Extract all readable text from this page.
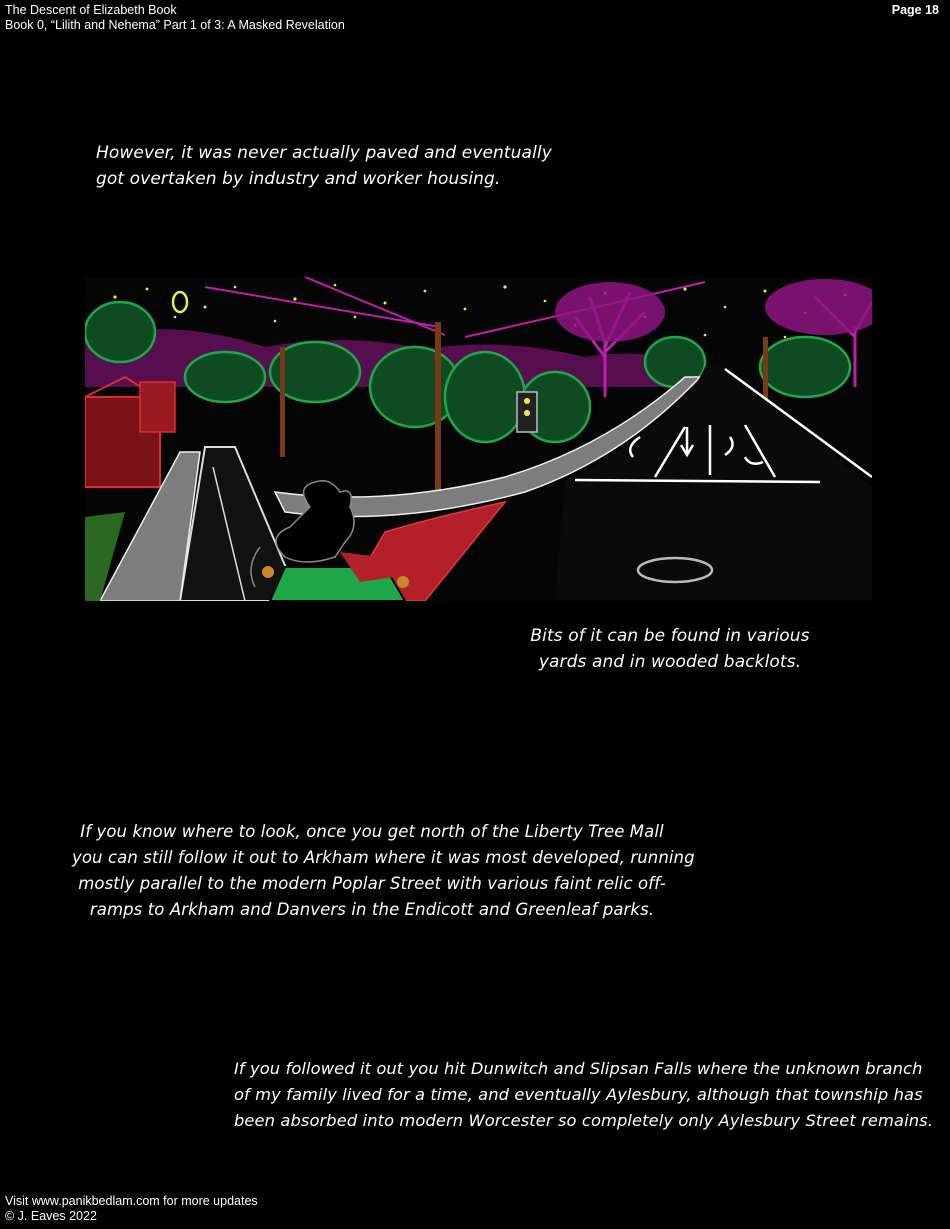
The Descent of Elizabeth Book
Book 0, “Lilith and Nehema” Part 1 of 3: A Masked Revelation
Page 18
However, it was never actually paved and eventually
got overtaken by industry and worker housing.
Bits of it can be found in various
yards and in wooded backlots.
If you know where to look, once you get north of the Liberty Tree Mall
you can still follow it out to Arkham where it was most developed, running
mostly parallel to the modern Poplar Street with various faint relic off-
ramps to Arkham and Danvers in the Endicott and Greenleaf parks.
If you followed it out you hit Dunwitch and Slipsan Falls where the unknown branch
of my family lived for a time, and eventually Aylesbury, although that township has
been absorbed into modern Worcester so completely only Aylesbury Street remains.
Visit www.panikbedlam.com for more updates
© J. Eaves 2022
